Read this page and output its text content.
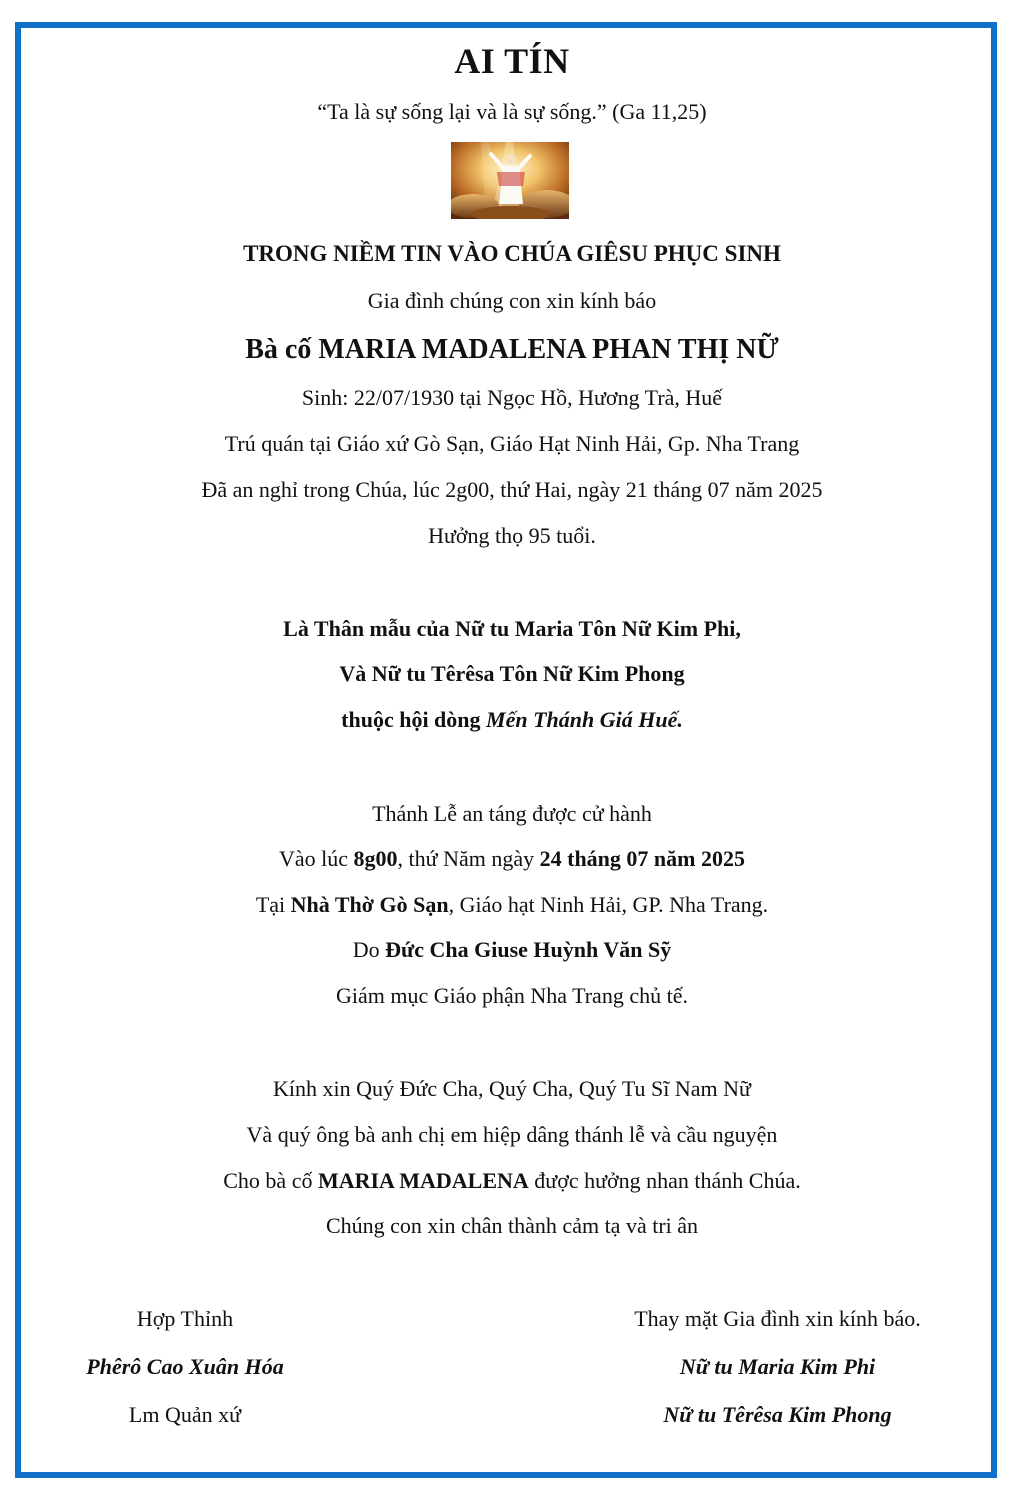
AI TÍN
“Ta là sự sống lại và là sự sống.” (Ga 11,25)
TRONG NIỀM TIN VÀO CHÚA GIÊSU PHỤC SINH
Gia đình chúng con xin kính báo
Bà cố MARIA MADALENA PHAN THỊ NỮ
Sinh: 22/07/1930 tại Ngọc Hồ, Hương Trà, Huế
Trú quán tại Giáo xứ Gò Sạn, Giáo Hạt Ninh Hải, Gp. Nha Trang
Đã an nghỉ trong Chúa, lúc 2g00, thứ Hai, ngày 21 tháng 07 năm 2025
Hưởng thọ 95 tuổi.
Là Thân mẫu của Nữ tu Maria Tôn Nữ Kim Phi,
Và Nữ tu Têrêsa Tôn Nữ Kim Phong
thuộc hội dòng Mến Thánh Giá Huế.
Thánh Lễ an táng được cử hành
Vào lúc 8g00, thứ Năm ngày 24 tháng 07 năm 2025
Tại Nhà Thờ Gò Sạn, Giáo hạt Ninh Hải, GP. Nha Trang.
Do Đức Cha Giuse Huỳnh Văn Sỹ
Giám mục Giáo phận Nha Trang chủ tế.
Kính xin Quý Đức Cha, Quý Cha, Quý Tu Sĩ Nam Nữ
Và quý ông bà anh chị em hiệp dâng thánh lễ và cầu nguyện
Cho bà cố MARIA MADALENA được hưởng nhan thánh Chúa.
Chúng con xin chân thành cảm tạ và tri ân
Hợp Thỉnh
Phêrô Cao Xuân Hóa
Lm Quản xứ
Thay mặt Gia đình xin kính báo.
Nữ tu Maria Kim Phi
Nữ tu Têrêsa Kim Phong
